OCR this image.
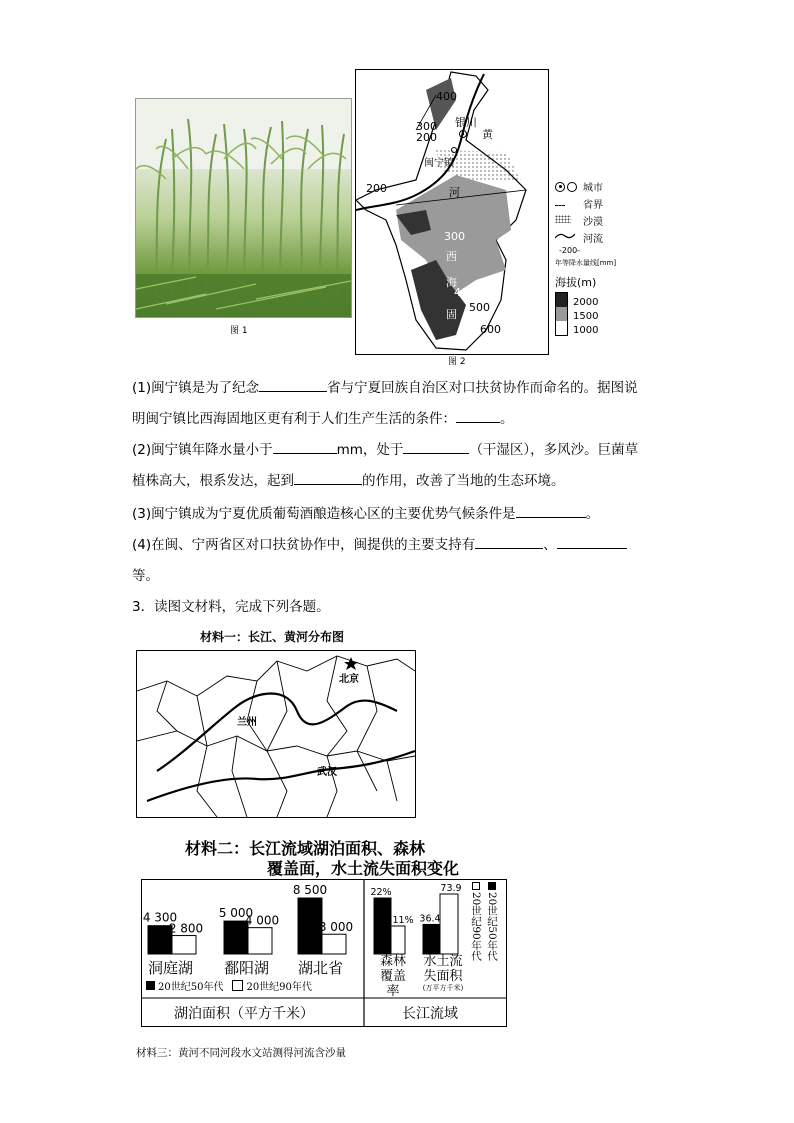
图 1
400
300
200
银川
黄
闽宁镇
河
200
300
西
海
400
固
500
600
城市
省界
沙漠
河流
-200-
年等降水量线[mm]
海拔(m)
2000
1500
1000
图 2
(1)闽宁镇是为了纪念	省与宁夏回族自治区对口扶贫协作而命名的。据图说
明闽宁镇比西海固地区更有利于人们生产生活的条件：	。
(2)闽宁镇年降水量小于	mm，处于	（干湿区），多风沙。巨菌草
植株高大，根系发达，起到	的作用，改善了当地的生态环境。
(3)闽宁镇成为宁夏优质葡萄酒酿造核心区的主要优势气候条件是	。
(4)在闽、宁两省区对口扶贫协作中，闽提供的主要支持有	、
等。
3．读图文材料，完成下列各题。
材料一：长江、黄河分布图
北京
兰州
武汉
材料二：长江流域湖泊面积、森林
覆盖面，水土流失面积变化
4 300
2 800
5 000
4 000
8 500
3 000
22%
11% 36.4
73.9
洞庭湖 鄱阳湖 湖北省
20世纪50年代 20世纪90年代
湖泊面积（平方千米）
森林
覆盖率
水土流
失面积
(万平方千米)
20世纪50年代
20世纪90年代
长江流域
材料三：黄河不同河段水文站测得河流含沙量
